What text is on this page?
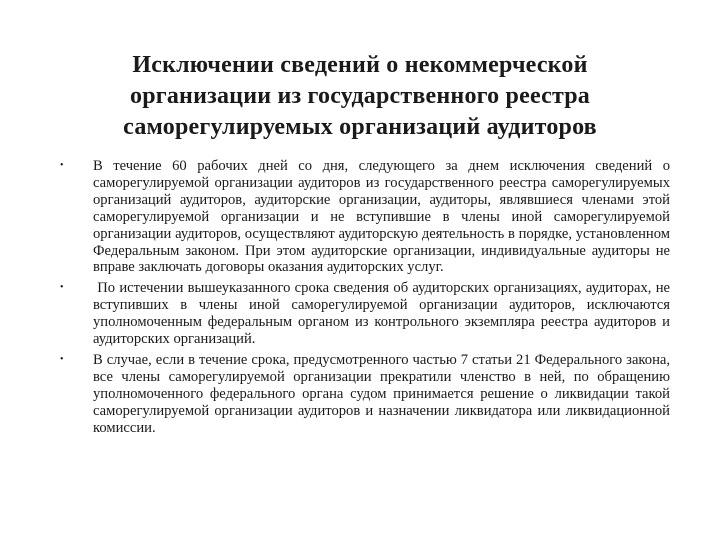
Исключении сведений о некоммерческой
организации из государственного реестра
саморегулируемых организаций аудиторов
• В течение 60 рабочих дней со дня, следующего за днем исключения сведений о саморегулируемой организации аудиторов из государственного реестра саморегулируемых организаций аудиторов, аудиторские организации, аудиторы, являвшиеся членами этой саморегулируемой организации и не вступившие в члены иной саморегулируемой организации аудиторов, осуществляют аудиторскую деятельность в порядке, установленном Федеральным законом. При этом аудиторские организации, индивидуальные аудиторы не вправе заключать договоры оказания аудиторских услуг.
• По истечении вышеуказанного срока сведения об аудиторских организациях, аудиторах, не вступивших в члены иной саморегулируемой организации аудиторов, исключаются уполномоченным федеральным органом из контрольного экземпляра реестра аудиторов и аудиторских организаций.
• В случае, если в течение срока, предусмотренного частью 7 статьи 21 Федерального закона, все члены саморегулируемой организации прекратили членство в ней, по обращению уполномоченного федерального органа судом принимается решение о ликвидации такой саморегулируемой организации аудиторов и назначении ликвидатора или ликвидационной комиссии.
